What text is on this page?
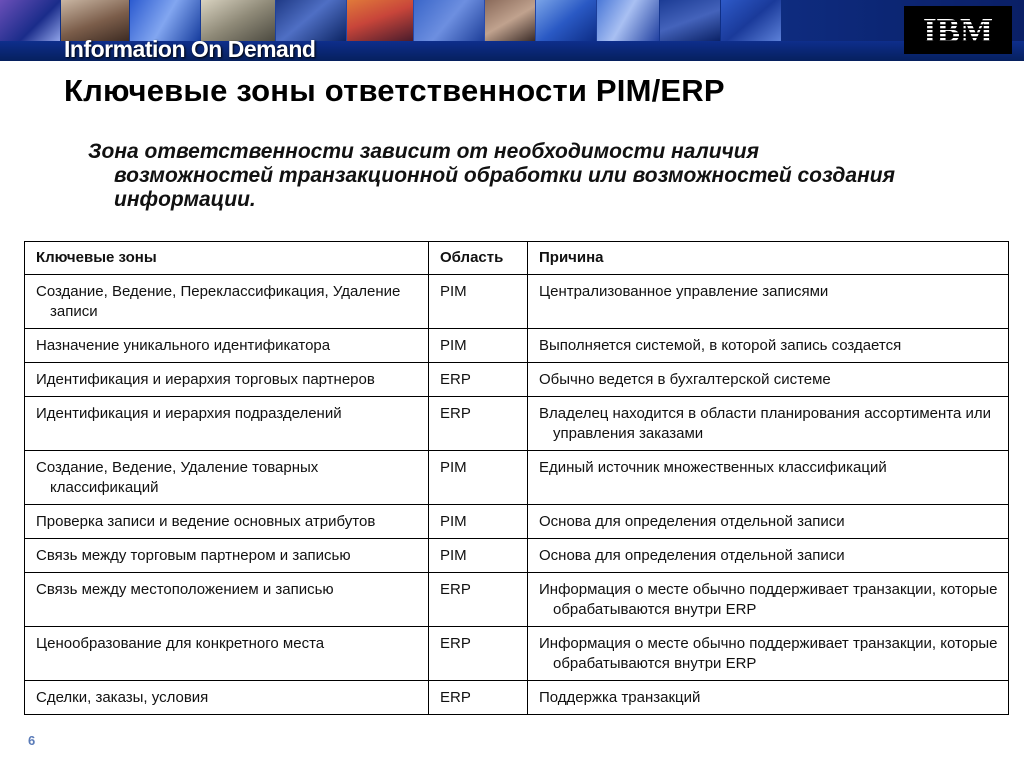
Information On Demand	IBM
Ключевые зоны ответственности PIM/ERP
Зона ответственности зависит от необходимости наличия возможностей транзакционной обработки или возможностей создания информации.
Ключевые зоны	Область	Причина
Создание, Ведение, Переклассификация, Удаление записи	PIM	Централизованное управление записями
Назначение уникального идентификатора	PIM	Выполняется системой, в которой запись создается
Идентификация и иерархия торговых партнеров	ERP	Обычно ведется в бухгалтерской системе
Идентификация и иерархия подразделений	ERP	Владелец находится в области планирования ассортимента или управления заказами
Создание, Ведение, Удаление товарных классификаций	PIM	Единый источник множественных классификаций
Проверка записи и ведение основных атрибутов	PIM	Основа для определения отдельной записи
Связь между торговым партнером и записью	PIM	Основа для определения отдельной записи
Связь между местоположением и записью	ERP	Информация о месте обычно поддерживает транзакции, которые обрабатываются внутри ERP
Ценообразование для конкретного места	ERP	Информация о месте обычно поддерживает транзакции, которые обрабатываются внутри ERP
Сделки, заказы, условия	ERP	Поддержка транзакций
6
